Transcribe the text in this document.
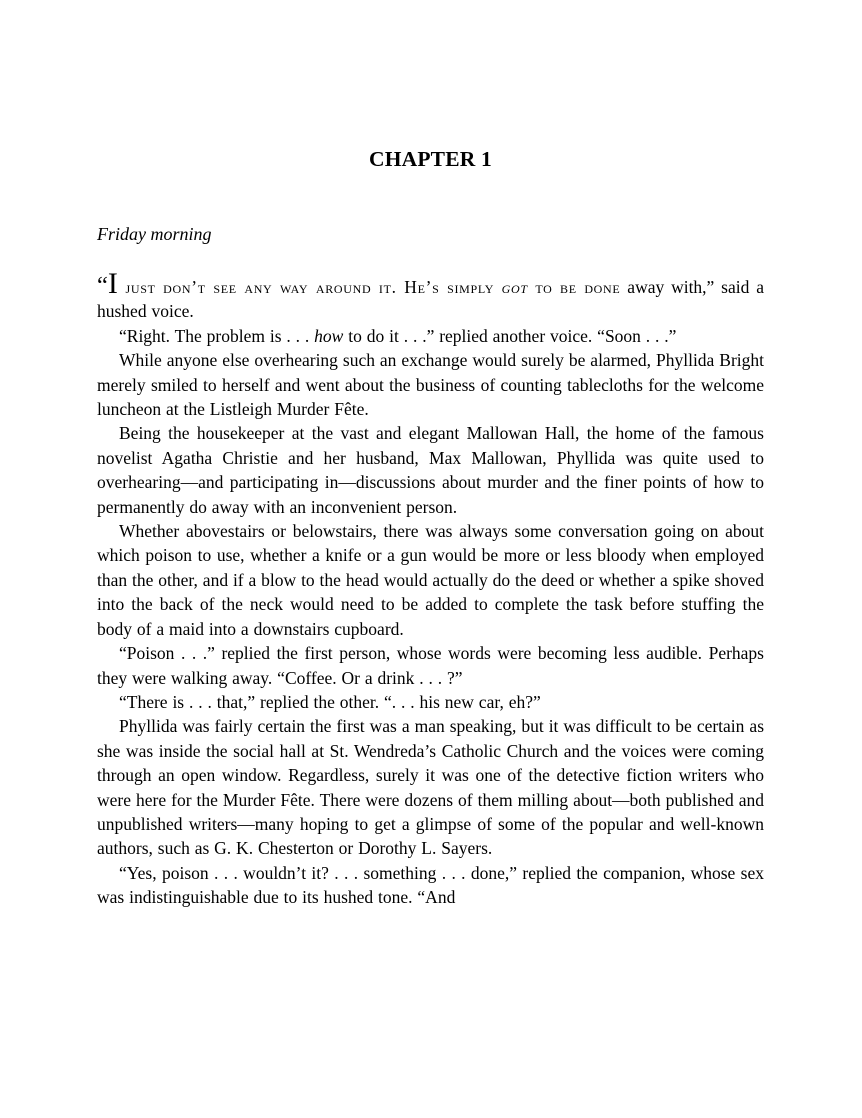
CHAPTER 1

Friday morning

“I just don’t see any way around it. He’s simply got to be done away with,” said a hushed voice.

“Right. The problem is . . . how to do it . . .” replied another voice. “Soon . . .”

While anyone else overhearing such an exchange would surely be alarmed, Phyllida Bright merely smiled to herself and went about the business of counting tablecloths for the welcome luncheon at the Listleigh Murder Fête.

Being the housekeeper at the vast and elegant Mallowan Hall, the home of the famous novelist Agatha Christie and her husband, Max Mallowan, Phyllida was quite used to overhearing—and participating in—discussions about murder and the finer points of how to permanently do away with an inconvenient person.

Whether abovestairs or belowstairs, there was always some conversation going on about which poison to use, whether a knife or a gun would be more or less bloody when employed than the other, and if a blow to the head would actually do the deed or whether a spike shoved into the back of the neck would need to be added to complete the task before stuffing the body of a maid into a downstairs cupboard.

“Poison . . .” replied the first person, whose words were becoming less audible. Perhaps they were walking away. “Coffee. Or a drink . . . ?”

“There is . . . that,” replied the other. “. . . his new car, eh?”

Phyllida was fairly certain the first was a man speaking, but it was difficult to be certain as she was inside the social hall at St. Wendreda’s Catholic Church and the voices were coming through an open window. Regardless, surely it was one of the detective fiction writers who were here for the Murder Fête. There were dozens of them milling about—both published and unpublished writers—many hoping to get a glimpse of some of the popular and well-known authors, such as G. K. Chesterton or Dorothy L. Sayers.

“Yes, poison . . . wouldn’t it? . . . something . . . done,” replied the companion, whose sex was indistinguishable due to its hushed tone. “And
